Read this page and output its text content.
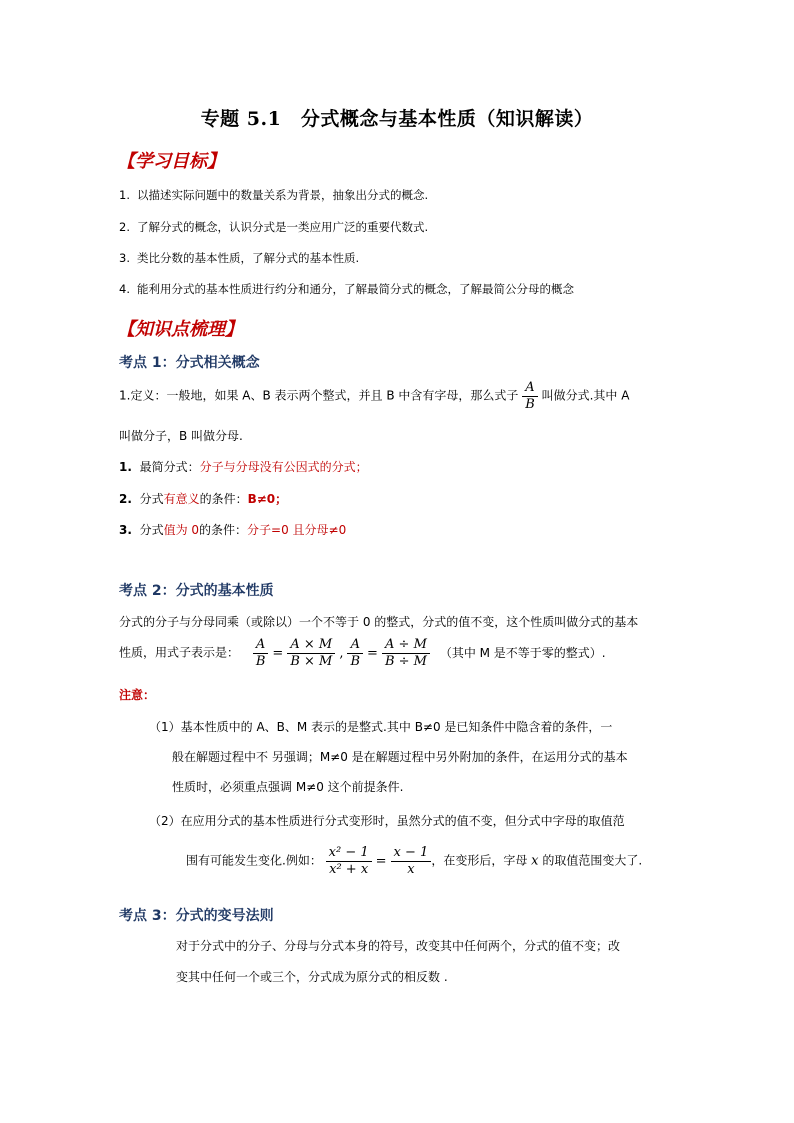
专题 5.1　分式概念与基本性质（知识解读）
【学习目标】
1. 以描述实际问题中的数量关系为背景，抽象出分式的概念.
2. 了解分式的概念，认识分式是一类应用广泛的重要代数式.
3. 类比分数的基本性质，了解分式的基本性质.
4. 能利用分式的基本性质进行约分和通分，了解最简分式的概念，了解最简公分母的概念
【知识点梳理】
考点 1：分式相关概念
1.定义：一般地，如果 A、B 表示两个整式，并且 B 中含有字母，那么式子 $\frac{A}{B}$ 叫做分式.其中 A
叫做分子，B 叫做分母.
1. 最简分式：分子与分母没有公因式的分式；
2. 分式有意义的条件：B≠0；
3. 分式值为 0的条件：分子=0 且分母≠0
考点 2：分式的基本性质
分式的分子与分母同乘（或除以）一个不等于 0 的整式，分式的值不变，这个性质叫做分式的基本
性质，用式子表示是： $\frac{A}{B} = \frac{A \times M}{B \times M}$ , $\frac{A}{B} = \frac{A \div M}{B \div M}$ （其中 M 是不等于零的整式）.
注意：
（1）基本性质中的 A、B、M 表示的是整式.其中 B≠0 是已知条件中隐含着的条件，一
般在解题过程中不 另强调；M≠0 是在解题过程中另外附加的条件，在运用分式的基本
性质时，必须重点强调 M≠0 这个前提条件.
（2）在应用分式的基本性质进行分式变形时，虽然分式的值不变，但分式中字母的取值范
围有可能发生变化.例如： $\frac{\text{x² − 1}}{\text{x² + x}} = \frac{x - 1}{x}$ ，在变形后，字母 x 的取值范围变大了.
考点 3：分式的变号法则
对于分式中的分子、分母与分式本身的符号，改变其中任何两个，分式的值不变；改
变其中任何一个或三个，分式成为原分式的相反数 .
